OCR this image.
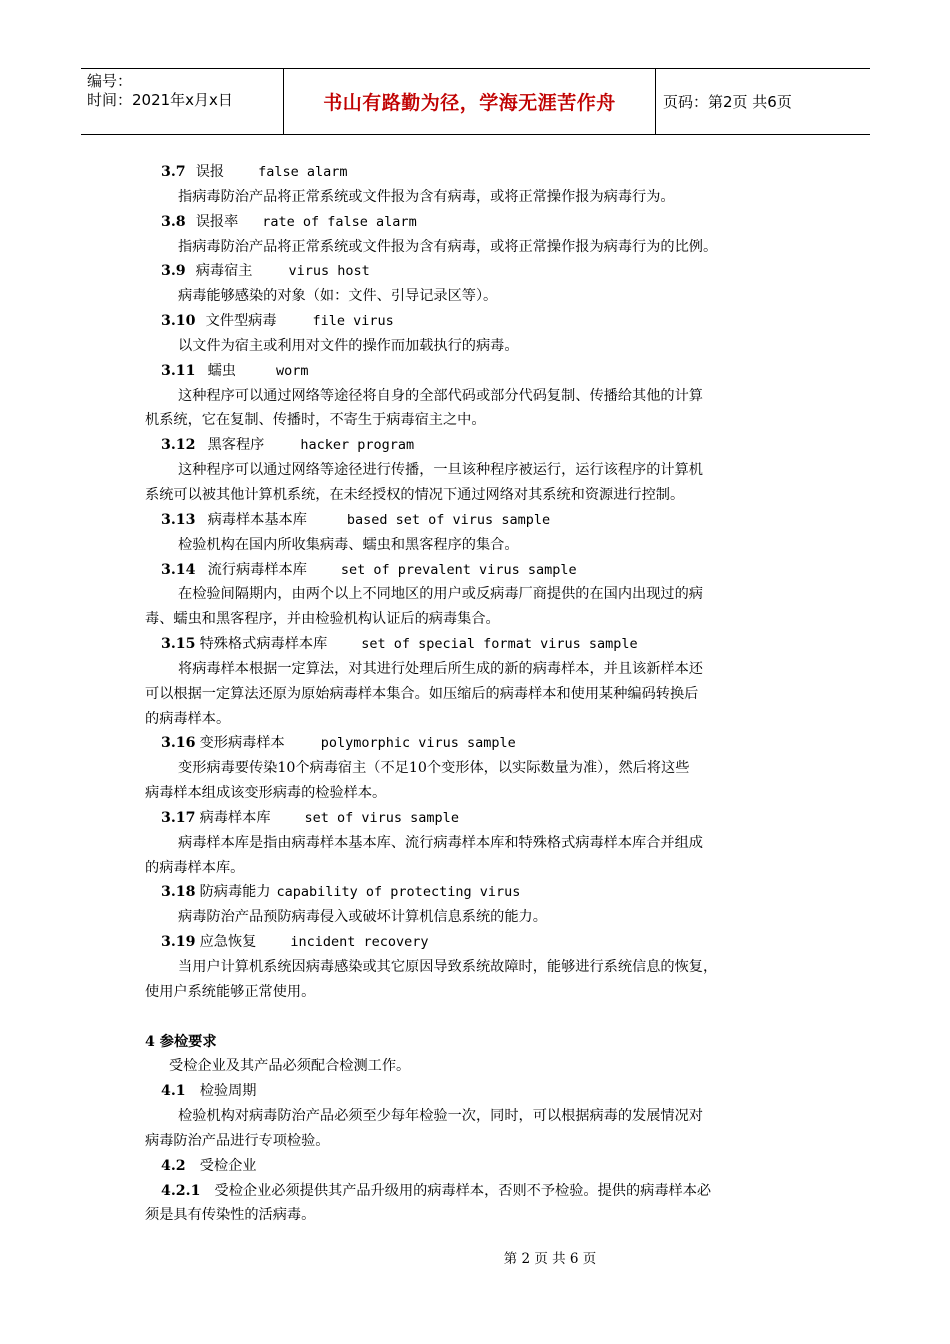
编号：
时间：2021年x月x日	书山有路勤为径，学海无涯苦作舟	页码：第2页 共6页
3.7 误报	false alarm
指病毒防治产品将正常系统或文件报为含有病毒，或将正常操作报为病毒行为。
3.8 误报率 rate of false alarm
指病毒防治产品将正常系统或文件报为含有病毒，或将正常操作报为病毒行为的比例。
3.9 病毒宿主	virus host
病毒能够感染的对象（如：文件、引导记录区等）。
3.10 文件型病毒	file virus
以文件为宿主或利用对文件的操作而加载执行的病毒。
3.11 蠕虫	worm
这种程序可以通过网络等途径将自身的全部代码或部分代码复制、传播给其他的计算
机系统，它在复制、传播时，不寄生于病毒宿主之中。
3.12 黑客程序	hacker program
这种程序可以通过网络等途径进行传播，一旦该种程序被运行，运行该程序的计算机
系统可以被其他计算机系统，在未经授权的情况下通过网络对其系统和资源进行控制。
3.13 病毒样本基本库	based set of virus sample
检验机构在国内所收集病毒、蠕虫和黑客程序的集合。
3.14 流行病毒样本库	set of prevalent virus sample
在检验间隔期内，由两个以上不同地区的用户或反病毒厂商提供的在国内出现过的病
毒、蠕虫和黑客程序，并由检验机构认证后的病毒集合。
3.15 特殊格式病毒样本库	set of special format virus sample
将病毒样本根据一定算法，对其进行处理后所生成的新的病毒样本，并且该新样本还
可以根据一定算法还原为原始病毒样本集合。如压缩后的病毒样本和使用某种编码转换后
的病毒样本。
3.16 变形病毒样本	polymorphic virus sample
变形病毒要传染10个病毒宿主（不足10个变形体，以实际数量为准），然后将这些
病毒样本组成该变形病毒的检验样本。
3.17 病毒样本库	set of virus sample
病毒样本库是指由病毒样本基本库、流行病毒样本库和特殊格式病毒样本库合并组成
的病毒样本库。
3.18 防病毒能力 capability of protecting virus
病毒防治产品预防病毒侵入或破坏计算机信息系统的能力。
3.19 应急恢复	incident recovery
当用户计算机系统因病毒感染或其它原因导致系统故障时，能够进行系统信息的恢复，
使用户系统能够正常使用。
4 参检要求
受检企业及其产品必须配合检测工作。
4.1 检验周期
检验机构对病毒防治产品必须至少每年检验一次，同时，可以根据病毒的发展情况对
病毒防治产品进行专项检验。
4.2 受检企业
4.2.1 受检企业必须提供其产品升级用的病毒样本，否则不予检验。提供的病毒样本必
须是具有传染性的活病毒。
第 2 页 共 6 页
